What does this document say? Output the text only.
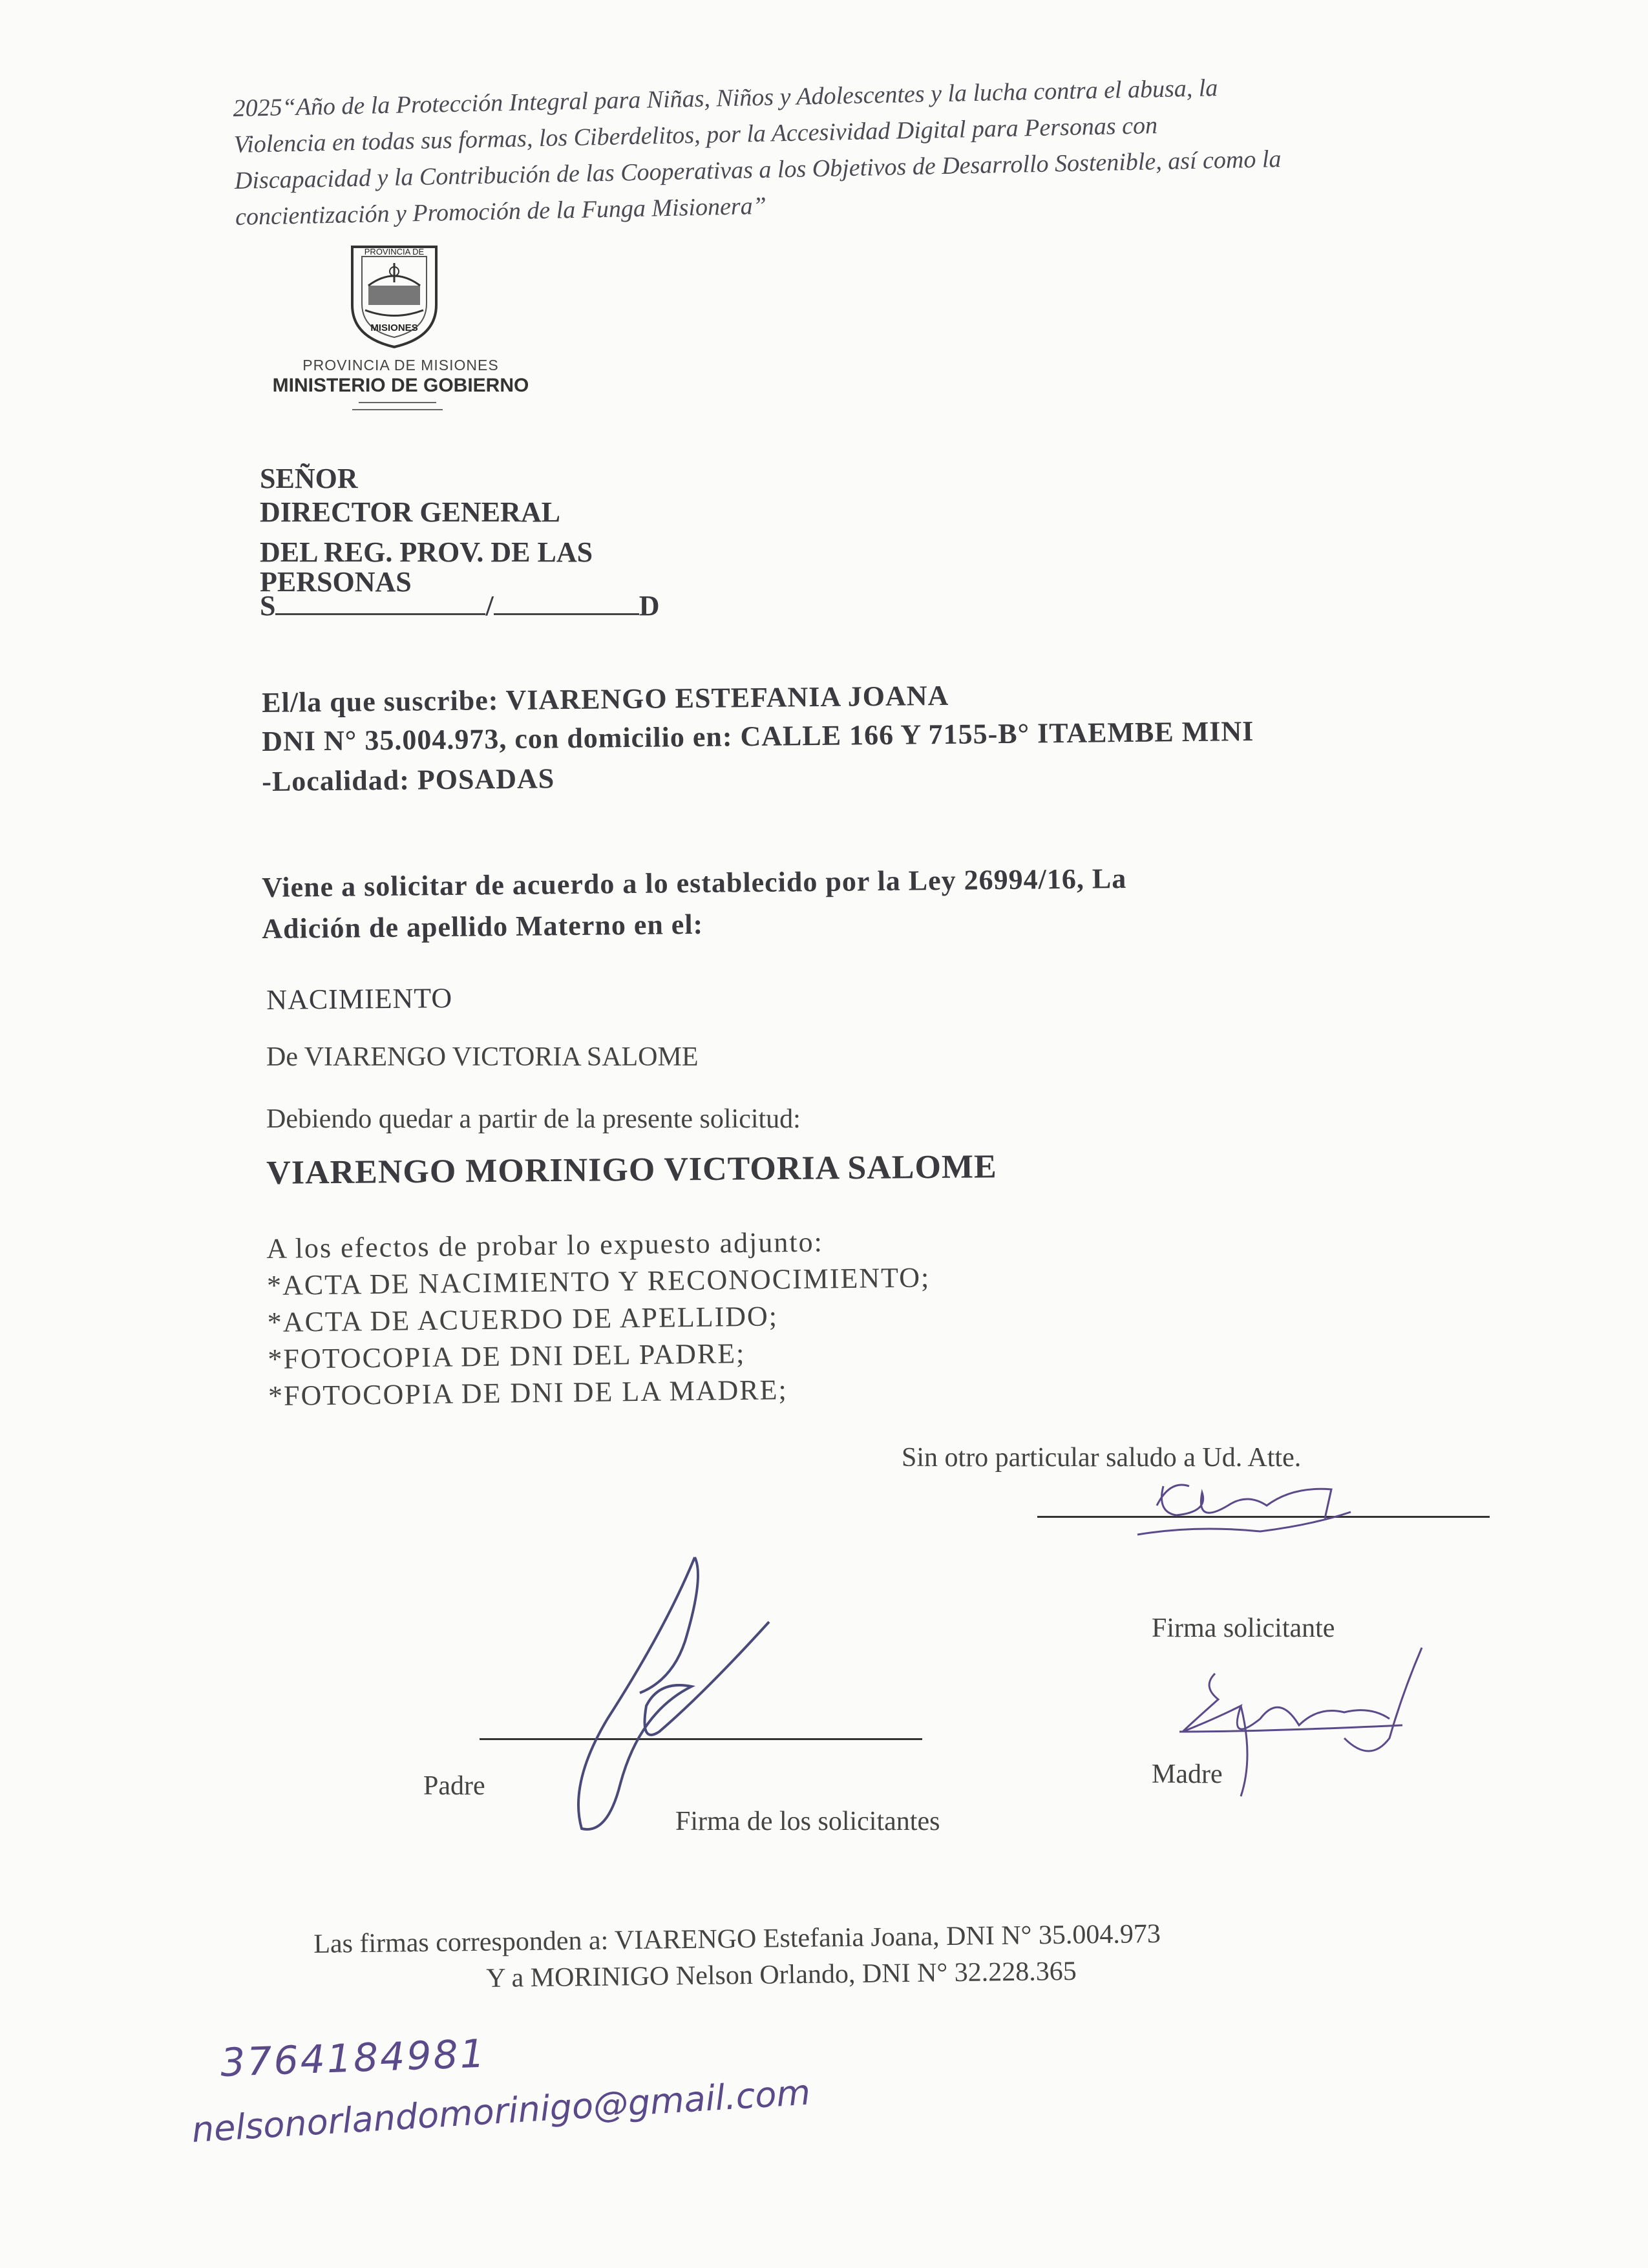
2025“Año de la Protección Integral para Niñas, Niños y Adolescentes y la lucha contra el abusa, la
Violencia en todas sus formas, los Ciberdelitos, por la Accesividad Digital para Personas con
Discapacidad y la Contribución de las Cooperativas a los Objetivos de Desarrollo Sostenible, así como la
concientización y Promoción de la Funga Misionera”
PROVINCIA DE
MISIONES
PROVINCIA DE MISIONES
MINISTERIO DE GOBIERNO
SEÑOR
DIRECTOR GENERAL
DEL REG. PROV. DE LAS
PERSONAS
S	/	D
El/la que suscribe: VIARENGO ESTEFANIA JOANA
DNI N° 35.004.973, con domicilio en: CALLE 166 Y 7155-B° ITAEMBE MINI
-Localidad: POSADAS
Viene a solicitar de acuerdo a lo establecido por la Ley 26994/16, La
Adición de apellido Materno en el:
NACIMIENTO
De VIARENGO VICTORIA SALOME
Debiendo quedar a partir de la presente solicitud:
VIARENGO MORINIGO VICTORIA SALOME
A los efectos de probar lo expuesto adjunto:
*ACTA DE NACIMIENTO Y RECONOCIMIENTO;
*ACTA DE ACUERDO DE APELLIDO;
*FOTOCOPIA DE DNI DEL PADRE;
*FOTOCOPIA DE DNI DE LA MADRE;
Sin otro particular saludo a Ud. Atte.
Firma solicitante
Padre
Firma de los solicitantes
Madre
Las firmas corresponden a: VIARENGO Estefania Joana, DNI N° 35.004.973
Y a MORINIGO Nelson Orlando, DNI N° 32.228.365
3764184981
nelsonorlandomorinigo@gmail.com
